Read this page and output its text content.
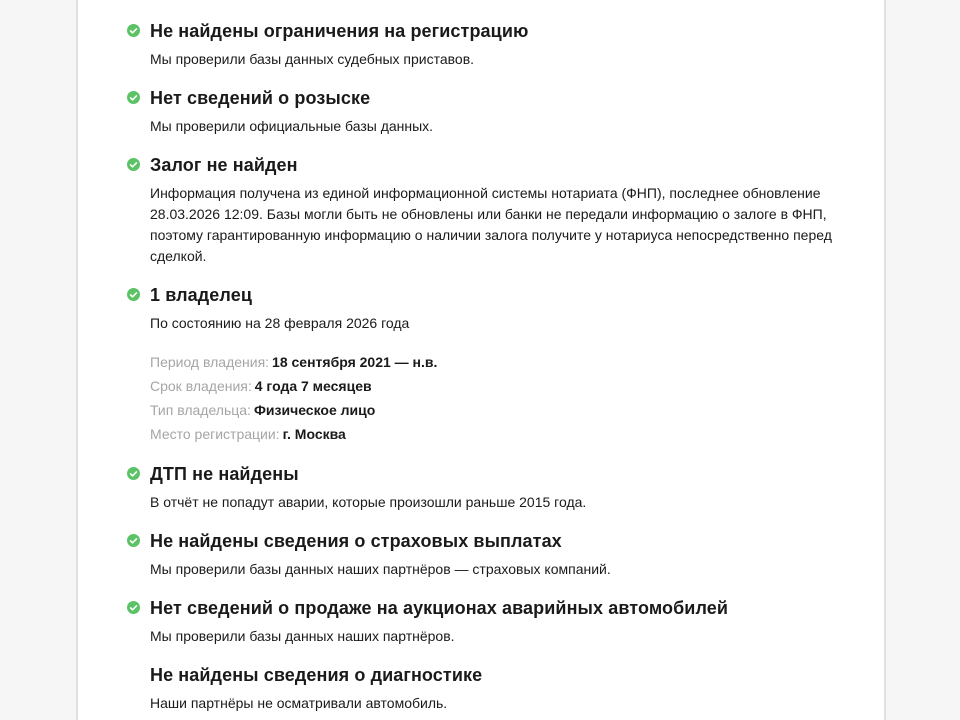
Не найдены ограничения на регистрацию

Мы проверили базы данных судебных приставов.

Нет сведений о розыске

Мы проверили официальные базы данных.

Залог не найден

Информация получена из единой информационной системы нотариата (ФНП), последнее обновление 28.03.2026 12:09. Базы могли быть не обновлены или банки не передали информацию о залоге в ФНП, поэтому гарантированную информацию о наличии залога получите у нотариуса непосредственно перед сделкой.

1 владелец

По состоянию на 28 февраля 2026 года

Период владения: 18 сентября 2021 — н.в.
Срок владения: 4 года 7 месяцев
Тип владельца: Физическое лицо
Место регистрации: г. Москва
ДТП не найдены

В отчёт не попадут аварии, которые произошли раньше 2015 года.

Не найдены сведения о страховых выплатах

Мы проверили базы данных наших партнёров — страховых компаний.

Нет сведений о продаже на аукционах аварийных автомобилей

Мы проверили базы данных наших партнёров.

Не найдены сведения о диагностике

Наши партнёры не осматривали автомобиль.
